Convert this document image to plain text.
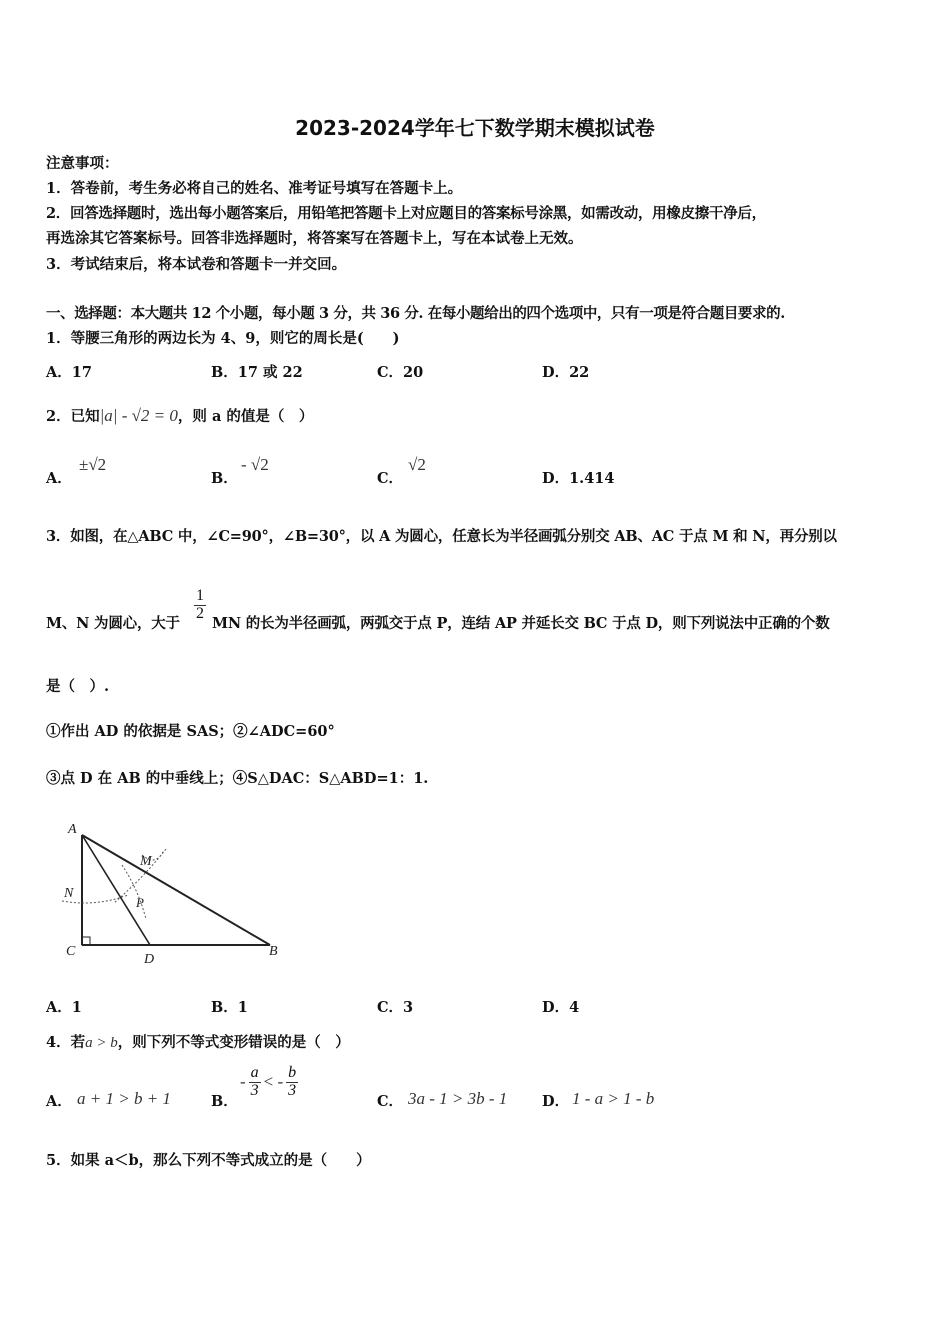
2023-2024学年七下数学期末模拟试卷
注意事项：
1．答卷前，考生务必将自己的姓名、准考证号填写在答题卡上。
2．回答选择题时，选出每小题答案后，用铅笔把答题卡上对应题目的答案标号涂黑，如需改动，用橡皮擦干净后，
再选涂其它答案标号。回答非选择题时，将答案写在答题卡上，写在本试卷上无效。
3．考试结束后，将本试卷和答题卡一并交回。
一、选择题：本大题共 12 个小题，每小题 3 分，共 36 分. 在每小题给出的四个选项中，只有一项是符合题目要求的.
1．等腰三角形的两边长为 4、9，则它的周长是(　　)
A．17	B．17 或 22	C．20	D．22
2．已知|a| - √2 = 0，则 a 的值是（　）
A．
±√2
B．
- √2
C．
√2
D．1.414
3．如图，在△ABC 中，∠C=90°，∠B=30°，以 A 为圆心，任意长为半径画弧分别交 AB、AC 于点 M 和 N，再分别以
M、N 为圆心，大于
$\frac{1}{2}$
MN 的长为半径画弧，两弧交于点 P，连结 AP 并延长交 BC 于点 D，则下列说法中正确的个数
是（　）.
①作出 AD 的依据是 SAS；②∠ADC=60°
③点 D 在 AB 的中垂线上；④S△DAC：S△ABD=1：1.
A
M
N
P
C
D
B
A．1	B．1	C．3	D．4
4．若a > b，则下列不等式变形错误的是（　）
A． a + 1 > b + 1	B．
- $\frac{a}{3}$ < - $\frac{b}{3}$
C． 3a - 1 > 3b - 1 D． 1 - a > 1 - b
5．如果 a＜b，那么下列不等式成立的是（　　）
